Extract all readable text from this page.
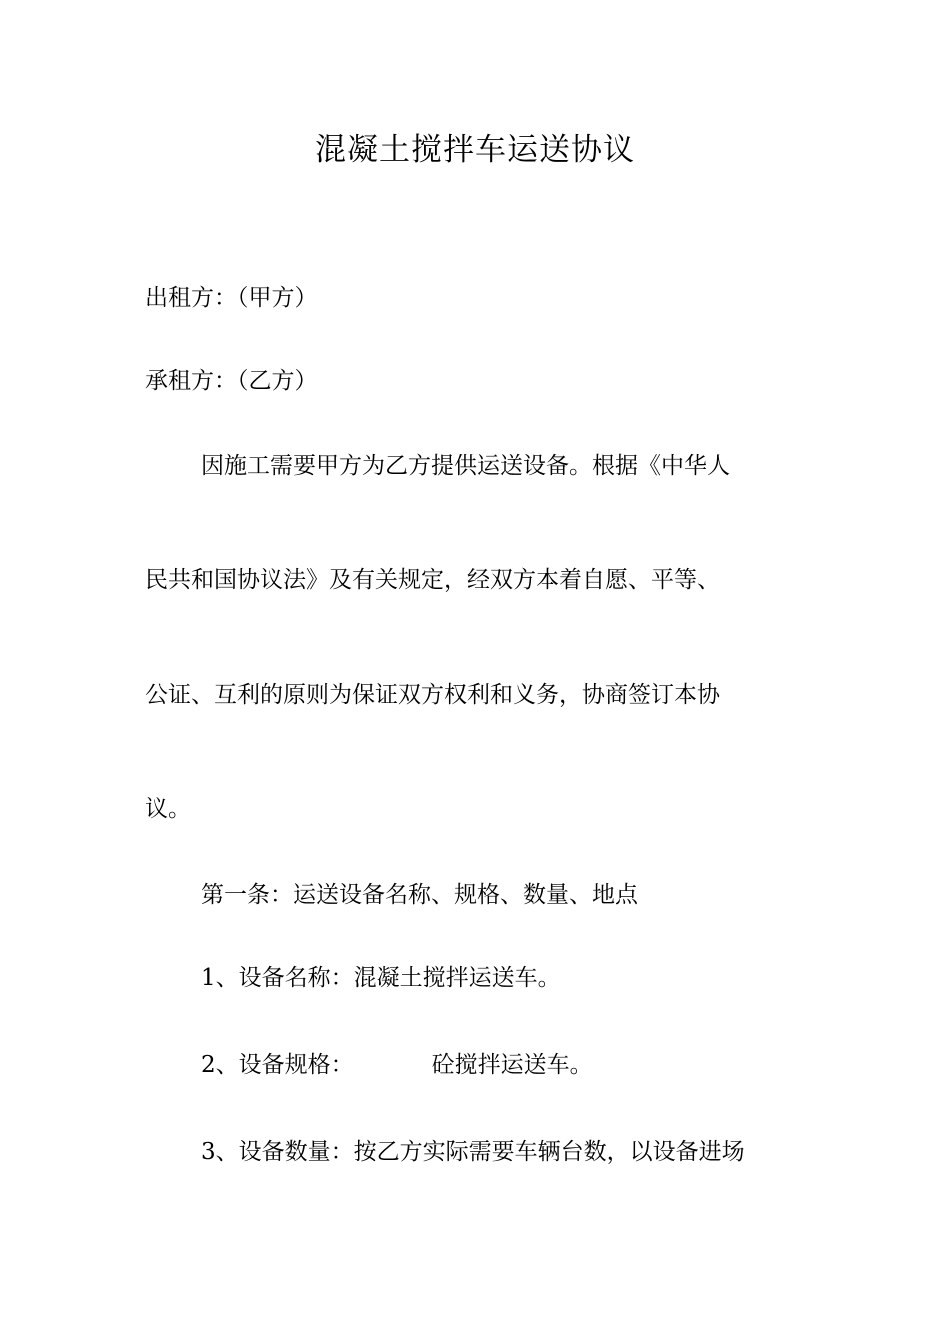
混凝土搅拌车运送协议
出租方：（甲方）
承租方：（乙方）
因施工需要甲方为乙方提供运送设备。根据《中华人
民共和国协议法》及有关规定，经双方本着自愿、平等、
公证、互利的原则为保证双方权利和义务，协商签订本协
议。
第一条：运送设备名称、规格、数量、地点
1、设备名称：混凝土搅拌运送车。
2、设备规格：	砼搅拌运送车。
3、设备数量：按乙方实际需要车辆台数，以设备进场
